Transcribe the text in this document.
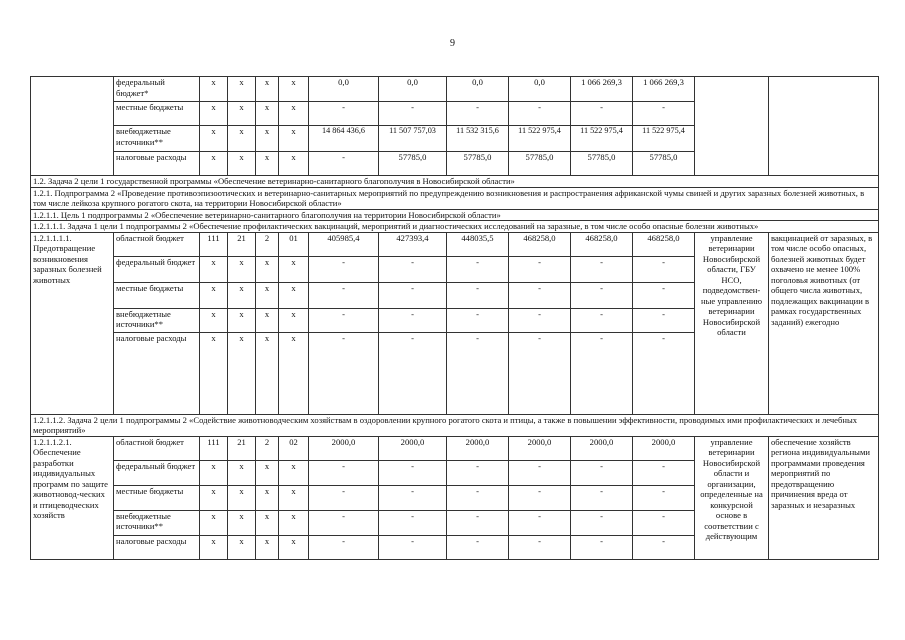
9
	федеральный бюджет*	х	х	х	х	0,0	0,0	0,0	0,0	1 066 269,3	1 066 269,3		
	местные бюджеты	х	х	х	х	-	-	-	-	-	-		
	внебюджетные источники**	х	х	х	х	14 864 436,6	11 507 757,03	11 532 315,6	11 522 975,4	11 522 975,4	11 522 975,4		
	налоговые расходы	х	х	х	х	-	57785,0	57785,0	57785,0	57785,0	57785,0		
1.2. Задача 2 цели 1 государственной программы «Обеспечение ветеринарно-санитарного благополучия в Новосибирской области»													
1.2.1. Подпрограмма 2 «Проведение противоэпизоотических и ветеринарно-санитарных мероприятий по предупреждению возникновения и распространения африканской чумы свиней и других заразных болезней животных, в том числе лейкоза крупного рогатого скота, на территории Новосибирской области»													
1.2.1.1. Цель 1 подпрограммы 2 «Обеспечение ветеринарно-санитарного благополучия на территории Новосибирской области»													
1.2.1.1.1. Задача 1 цели 1 подпрограммы 2 «Обеспечение профилактических вакцинаций, мероприятий и диагностических исследований на заразные, в том числе особо опасные болезни животных»													
1.2.1.1.1.1. Предотвращение возникновения заразных болезней животных	областной бюджет	111	21	2	01	405985,4	427393,4	448035,5	468258,0	468258,0	468258,0	управление ветеринарии Новосибирской области, ГБУ НСО, подведомствен-ные управлению ветеринарии Новосибирской области	вакцинацией от заразных, в том числе особо опасных, болезней животных будет охвачено не менее 100% поголовья животных (от общего числа животных, подлежащих вакцинации в рамках государственных заданий) ежегодно
	федеральный бюджет	х	х	х	х	-	-	-	-	-	-		
	местные бюджеты	х	х	х	х	-	-	-	-	-	-		
	внебюджетные источники**	х	х	х	х	-	-	-	-	-	-		
	налоговые расходы	х	х	х	х	-	-	-	-	-	-		
1.2.1.1.2. Задача 2 цели 1 подпрограммы 2 «Содействие животноводческим хозяйствам в оздоровлении крупного рогатого скота и птицы, а также в повышении эффективности, проводимых ими профилактических и лечебных мероприятий»													
1.2.1.1.2.1. Обеспечение разработки индивидуальных программ по защите животновод-ческих и птицеводческих хозяйств	областной бюджет	111	21	2	02	2000,0	2000,0	2000,0	2000,0	2000,0	2000,0	управление ветеринарии Новосибирской области и организации, определенные на конкурсной основе в соответствии с действующим	обеспечение хозяйств региона индивидуальными программами проведения мероприятий по предотвращению причинения вреда от заразных и незаразных
	федеральный бюджет	х	х	х	х	-	-	-	-	-	-		
	местные бюджеты	х	х	х	х	-	-	-	-	-	-		
	внебюджетные источники**	х	х	х	х	-	-	-	-	-	-		
	налоговые расходы	х	х	х	х	-	-	-	-	-	-		
